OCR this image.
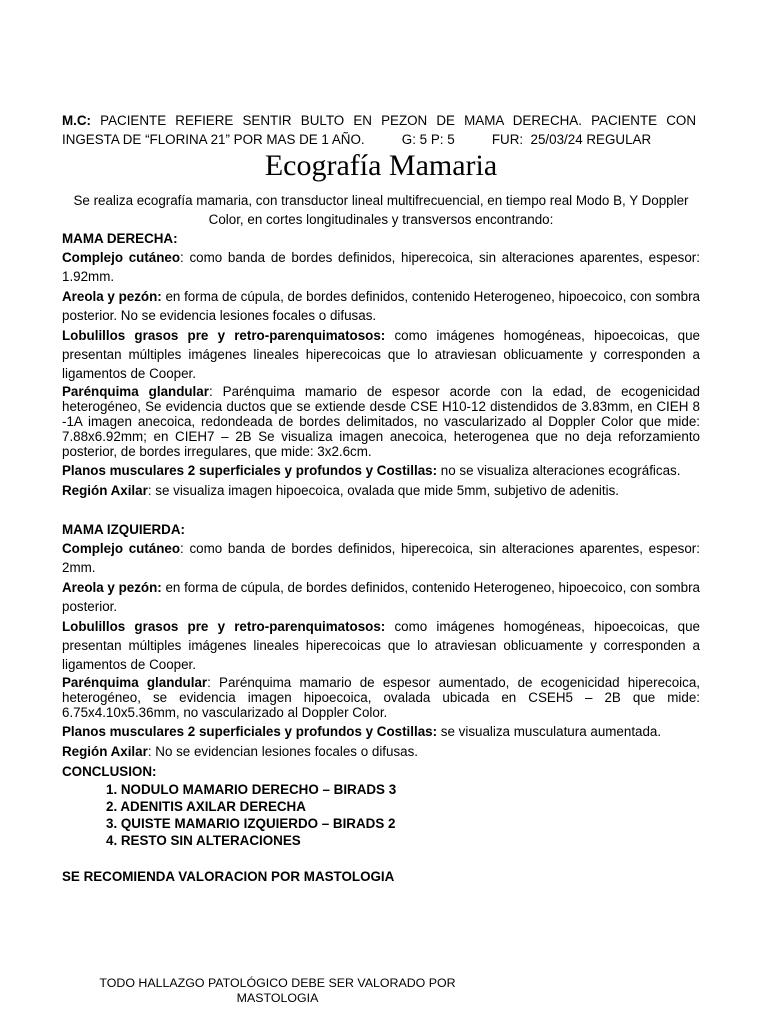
M.C: PACIENTE REFIERE SENTIR BULTO EN PEZON DE MAMA DERECHA. PACIENTE CON
INGESTA DE “FLORINA 21” POR MAS DE 1 AÑO.          G: 5 P: 5          FUR:  25/03/24 REGULAR
Ecografía Mamaria
Se realiza ecografía mamaria, con transductor lineal multifrecuencial, en tiempo real Modo B, Y Doppler Color, en cortes longitudinales y transversos encontrando:
MAMA DERECHA:

Complejo cutáneo: como banda de bordes definidos, hiperecoica, sin alteraciones aparentes, espesor: 1.92mm.

Areola y pezón: en forma de cúpula, de bordes definidos, contenido Heterogeneo, hipoecoico, con sombra posterior. No se evidencia lesiones focales o difusas.

Lobulillos grasos pre y retro-parenquimatosos: como imágenes homogéneas, hipoecoicas, que presentan múltiples imágenes lineales hiperecoicas que lo atraviesan oblicuamente y corresponden a ligamentos de Cooper.

Parénquima glandular: Parénquima mamario de espesor acorde con la edad, de ecogenicidad heterogéneo, Se evidencia ductos que se extiende desde CSE H10-12 distendidos de 3.83mm, en CIEH 8 -1A imagen anecoica, redondeada de bordes delimitados, no vascularizado al Doppler Color que mide: 7.88x6.92mm; en CIEH7 – 2B Se visualiza imagen anecoica, heterogenea que no deja reforzamiento posterior, de bordes irregulares, que mide: 3x2.6cm.

Planos musculares 2 superficiales y profundos y Costillas: no se visualiza alteraciones ecográficas.

Región Axilar: se visualiza imagen hipoecoica, ovalada que mide 5mm, subjetivo de adenitis.

MAMA IZQUIERDA:

Complejo cutáneo: como banda de bordes definidos, hiperecoica, sin alteraciones aparentes, espesor: 2mm.

Areola y pezón: en forma de cúpula, de bordes definidos, contenido Heterogeneo, hipoecoico, con sombra posterior.

Lobulillos grasos pre y retro-parenquimatosos: como imágenes homogéneas, hipoecoicas, que presentan múltiples imágenes lineales hiperecoicas que lo atraviesan oblicuamente y corresponden a ligamentos de Cooper.

Parénquima glandular: Parénquima mamario de espesor aumentado, de ecogenicidad hiperecoica, heterogéneo, se evidencia imagen hipoecoica, ovalada ubicada en CSEH5 – 2B que mide: 6.75x4.10x5.36mm, no vascularizado al Doppler Color.

Planos musculares 2 superficiales y profundos y Costillas: se visualiza musculatura aumentada.

Región Axilar: No se evidencian lesiones focales o difusas.

CONCLUSION:
1. NODULO MAMARIO DERECHO – BIRADS 3
2. ADENITIS AXILAR DERECHA
3. QUISTE MAMARIO IZQUIERDO – BIRADS 2
4. RESTO SIN ALTERACIONES
SE RECOMIENDA VALORACION POR MASTOLOGIA
TODO HALLAZGO PATOLÓGICO DEBE SER VALORADO POR
MASTOLOGIA
